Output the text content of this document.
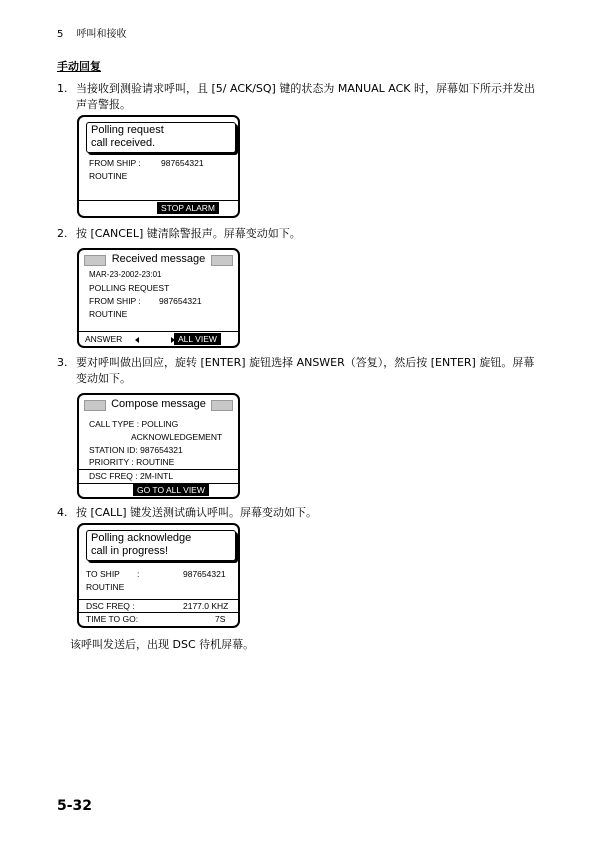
5 呼叫和接收
手动回复
1. 当接收到测验请求呼叫，且 [5/ ACK/SQ] 键的状态为 MANUAL ACK 时，屏幕如下所示并发出声音警报。
Polling request
call received.
FROM SHIP : 987654321
ROUTINE
STOP ALARM
2. 按 [CANCEL] 键清除警报声。屏幕变动如下。
Received message
MAR-23-2002-23:01
POLLING REQUEST
FROM SHIP : 987654321
ROUTINE
ANSWER	ALL VIEW
3. 要对呼叫做出回应，旋转 [ENTER] 旋钮选择 ANSWER（答复），然后按 [ENTER] 旋钮。屏幕变动如下。
Compose message
CALL TYPE : POLLING
ACKNOWLEDGEMENT
STATION ID: 987654321
PRIORITY : ROUTINE
DSC FREQ : 2M-INTL
GO TO ALL VIEW
4. 按 [CALL] 键发送测试确认呼叫。屏幕变动如下。
Polling acknowledge
call in progress!
TO SHIP :	987654321
ROUTINE
DSC FREQ :	2177.0 KHZ
TIME TO GO:	7S
该呼叫发送后，出现 DSC 待机屏幕。
5-32
